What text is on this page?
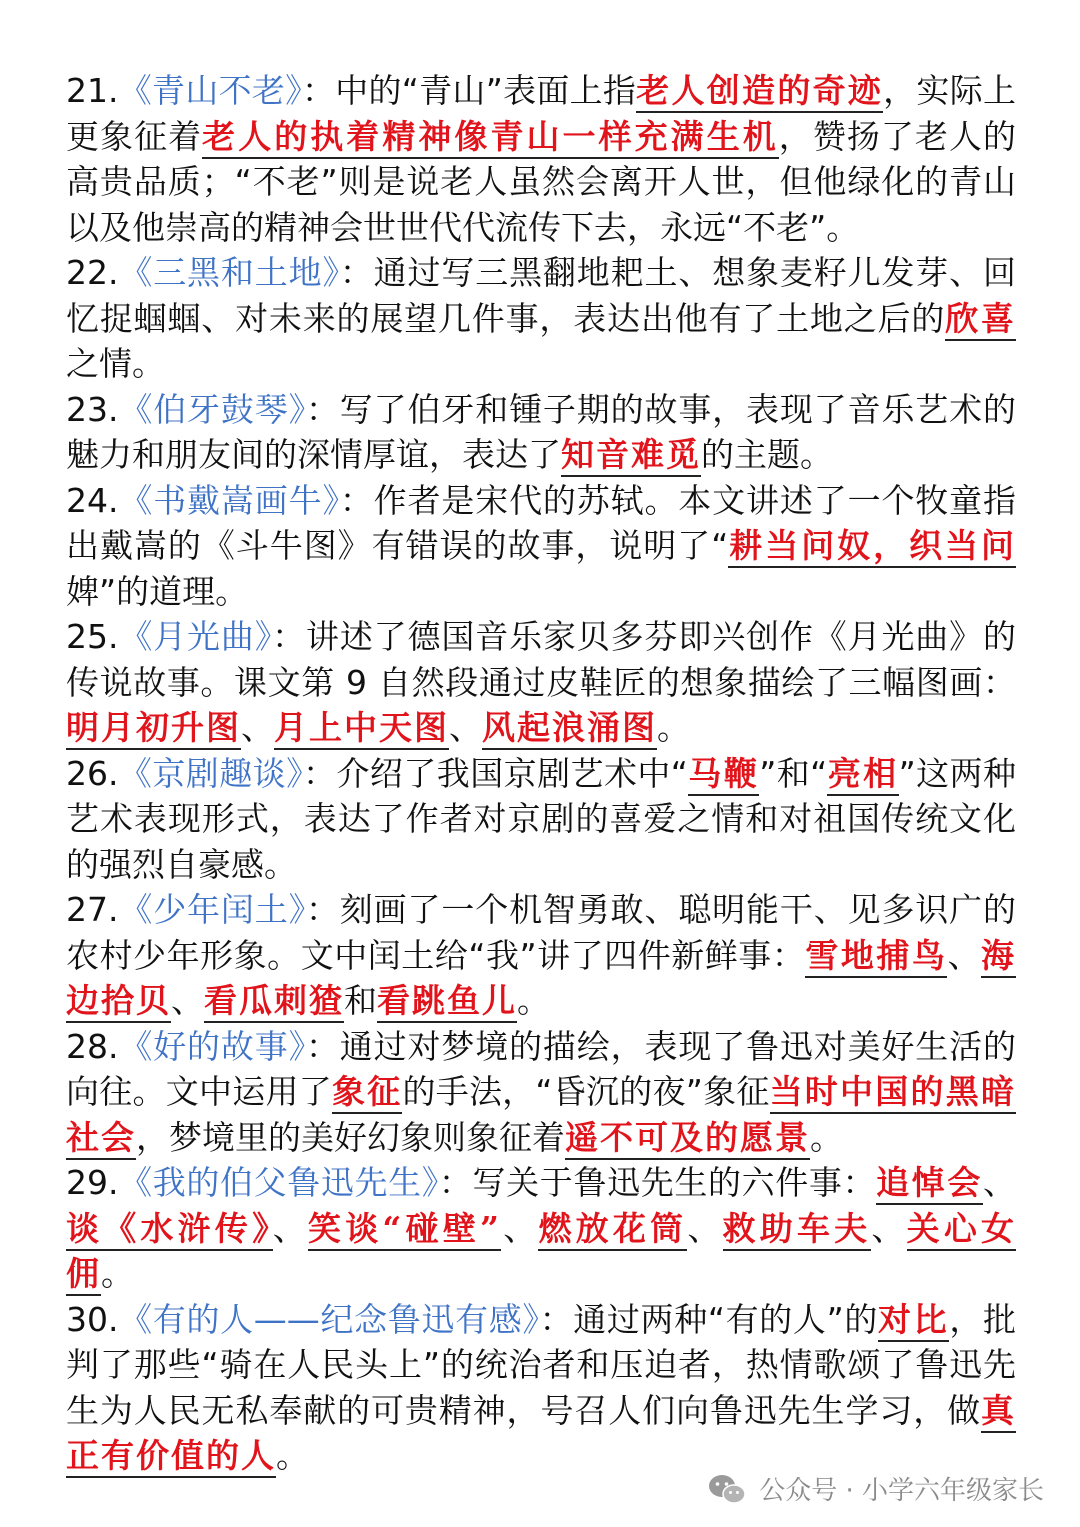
21.《青山不老》：中的“青山”表面上指老人创造的奇迹，实际上更象征着老人的执着精神像青山一样充满生机，赞扬了老人的高贵品质；“不老”则是说老人虽然会离开人世，但他绿化的青山以及他崇高的精神会世世代代流传下去，永远“不老”。

22.《三黑和土地》：通过写三黑翻地耙土、想象麦籽儿发芽、回忆捉蝈蝈、对未来的展望几件事，表达出他有了土地之后的欣喜之情。

23.《伯牙鼓琴》：写了伯牙和锺子期的故事，表现了音乐艺术的魅力和朋友间的深情厚谊，表达了知音难觅的主题。

24.《书戴嵩画牛》：作者是宋代的苏轼。本文讲述了一个牧童指出戴嵩的《斗牛图》有错误的故事，说明了“耕当问奴，织当问婢”的道理。

25.《月光曲》：讲述了德国音乐家贝多芬即兴创作《月光曲》的传说故事。课文第 9 自然段通过皮鞋匠的想象描绘了三幅图画：明月初升图、月上中天图、风起浪涌图。

26.《京剧趣谈》：介绍了我国京剧艺术中“马鞭”和“亮相”这两种艺术表现形式，表达了作者对京剧的喜爱之情和对祖国传统文化的强烈自豪感。

27.《少年闰土》：刻画了一个机智勇敢、聪明能干、见多识广的农村少年形象。文中闰土给“我”讲了四件新鲜事：雪地捕鸟、海边拾贝、看瓜刺猹和看跳鱼儿。

28.《好的故事》：通过对梦境的描绘，表现了鲁迅对美好生活的向往。文中运用了象征的手法，“昏沉的夜”象征当时中国的黑暗社会，梦境里的美好幻象则象征着遥不可及的愿景。

29.《我的伯父鲁迅先生》：写关于鲁迅先生的六件事：追悼会、谈《水浒传》、笑谈“碰壁”、燃放花筒、救助车夫、关心女佣。

30.《有的人——纪念鲁迅有感》：通过两种“有的人”的对比，批判了那些“骑在人民头上”的统治者和压迫者，热情歌颂了鲁迅先生为人民无私奉献的可贵精神，号召人们向鲁迅先生学习，做真正有价值的人。

公众号 · 小学六年级家长
